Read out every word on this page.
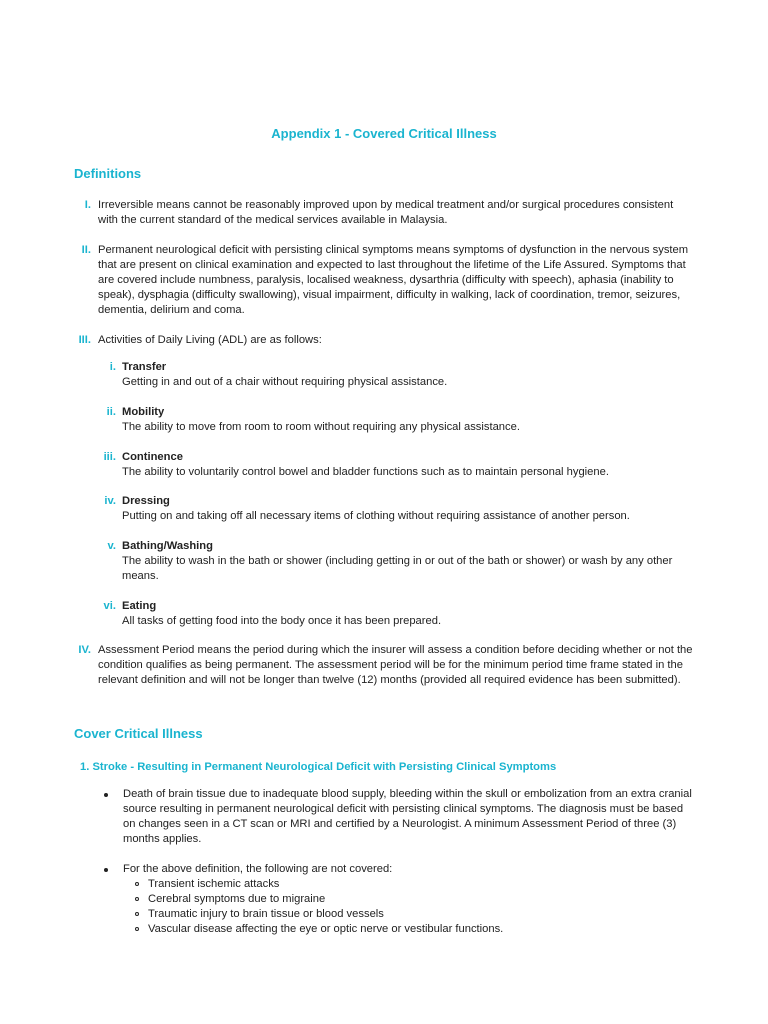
Appendix 1 - Covered Critical Illness
Definitions
I. Irreversible means cannot be reasonably improved upon by medical treatment and/or surgical procedures consistent with the current standard of the medical services available in Malaysia.
II. Permanent neurological deficit with persisting clinical symptoms means symptoms of dysfunction in the nervous system that are present on clinical examination and expected to last throughout the lifetime of the Life Assured. Symptoms that are covered include numbness, paralysis, localised weakness, dysarthria (difficulty with speech), aphasia (inability to speak), dysphagia (difficulty swallowing), visual impairment, difficulty in walking, lack of coordination, tremor, seizures, dementia, delirium and coma.
III. Activities of Daily Living (ADL) are as follows:
i. Transfer
Getting in and out of a chair without requiring physical assistance.
ii. Mobility
The ability to move from room to room without requiring any physical assistance.
iii. Continence
The ability to voluntarily control bowel and bladder functions such as to maintain personal hygiene.
iv. Dressing
Putting on and taking off all necessary items of clothing without requiring assistance of another person.
v. Bathing/Washing
The ability to wash in the bath or shower (including getting in or out of the bath or shower) or wash by any other means.
vi. Eating
All tasks of getting food into the body once it has been prepared.
IV. Assessment Period means the period during which the insurer will assess a condition before deciding whether or not the condition qualifies as being permanent. The assessment period will be for the minimum period time frame stated in the relevant definition and will not be longer than twelve (12) months (provided all required evidence has been submitted).
Cover Critical Illness
1. Stroke - Resulting in Permanent Neurological Deficit with Persisting Clinical Symptoms
Death of brain tissue due to inadequate blood supply, bleeding within the skull or embolization from an extra cranial source resulting in permanent neurological deficit with persisting clinical symptoms. The diagnosis must be based on changes seen in a CT scan or MRI and certified by a Neurologist. A minimum Assessment Period of three (3) months applies.
For the above definition, the following are not covered:
Transient ischemic attacks
Cerebral symptoms due to migraine
Traumatic injury to brain tissue or blood vessels
Vascular disease affecting the eye or optic nerve or vestibular functions.
